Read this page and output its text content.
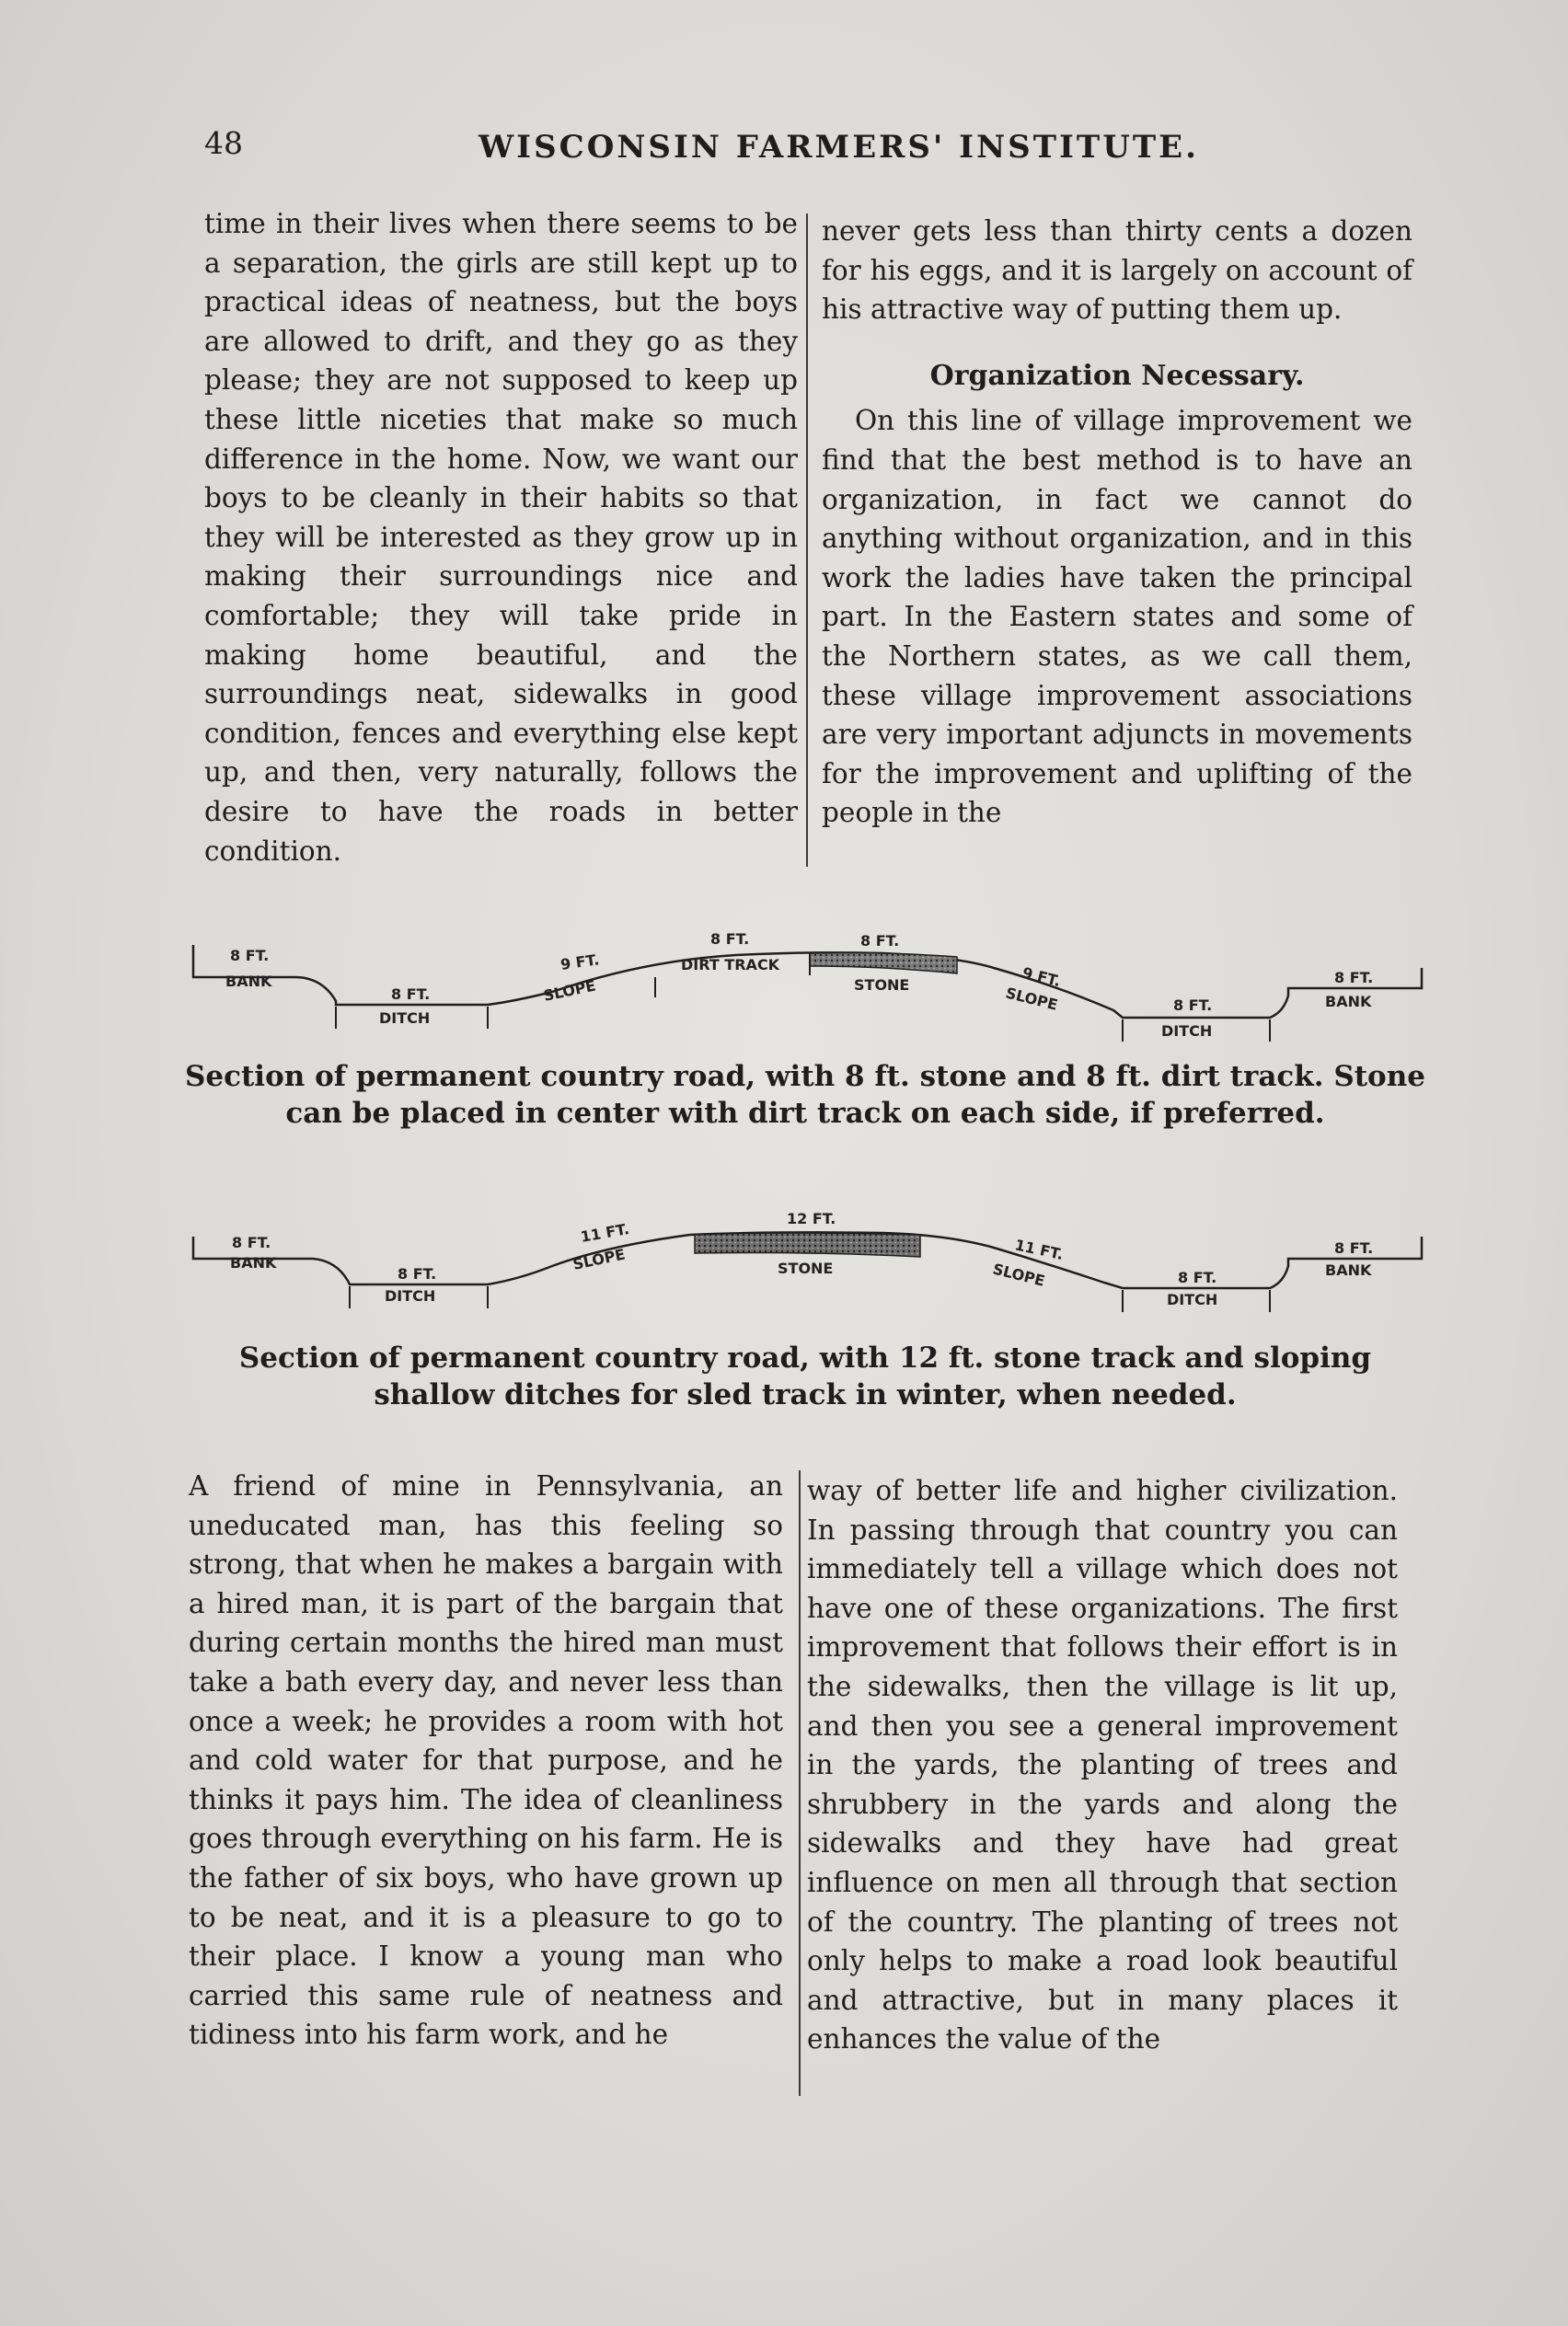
48	WISCONSIN FARMERS' INSTITUTE.

time in their lives when there seems to be a separation, the girls are still kept up to practical ideas of neatness, but the boys are allowed to drift, and they go as they please; they are not supposed to keep up these little niceties that make so much difference in the home. Now, we want our boys to be cleanly in their habits so that they will be interested as they grow up in making their surroundings nice and comfortable; they will take pride in making home beautiful, and the surroundings neat, sidewalks in good condition, fences and everything else kept up, and then, very naturally, follows the desire to have the roads in better condition.

never gets less than thirty cents a dozen for his eggs, and it is largely on account of his attractive way of putting them up.

Organization Necessary.

On this line of village improvement we find that the best method is to have an organization, in fact we cannot do anything without organization, and in this work the ladies have taken the principal part. In the Eastern states and some of the Northern states, as we call them, these village improvement associations are very important adjuncts in movements for the improvement and uplifting of the people in the

8 FT.
BANK
8 FT.
DITCH
9 FT.
SLOPE
8 FT.
DIRT TRACK
8 FT.
STONE	9 FT.
SLOPE	8 FT.
DITCH
8 FT.
BANK

Section of permanent country road, with 8 ft. stone and 8 ft. dirt track. Stone can be placed in center with dirt track on each side, if preferred.

8 FT.
BANK
8 FT.
DITCH
11 FT.
SLOPE
12 FT.
STONE
11 FT.
SLOPE	8 FT.
DITCH
8 FT.
BANK

Section of permanent country road, with 12 ft. stone track and sloping shallow ditches for sled track in winter, when needed.

A friend of mine in Pennsylvania, an uneducated man, has this feeling so strong, that when he makes a bargain with a hired man, it is part of the bargain that during certain months the hired man must take a bath every day, and never less than once a week; he provides a room with hot and cold water for that purpose, and he thinks it pays him. The idea of cleanliness goes through everything on his farm. He is the father of six boys, who have grown up to be neat, and it is a pleasure to go to their place. I know a young man who carried this same rule of neatness and tidiness into his farm work, and he

way of better life and higher civilization. In passing through that country you can immediately tell a village which does not have one of these organizations. The first improvement that follows their effort is in the sidewalks, then the village is lit up, and then you see a general improvement in the yards, the planting of trees and shrubbery in the yards and along the sidewalks and they have had great influence on men all through that section of the country. The planting of trees not only helps to make a road look beautiful and attractive, but in many places it enhances the value of the
